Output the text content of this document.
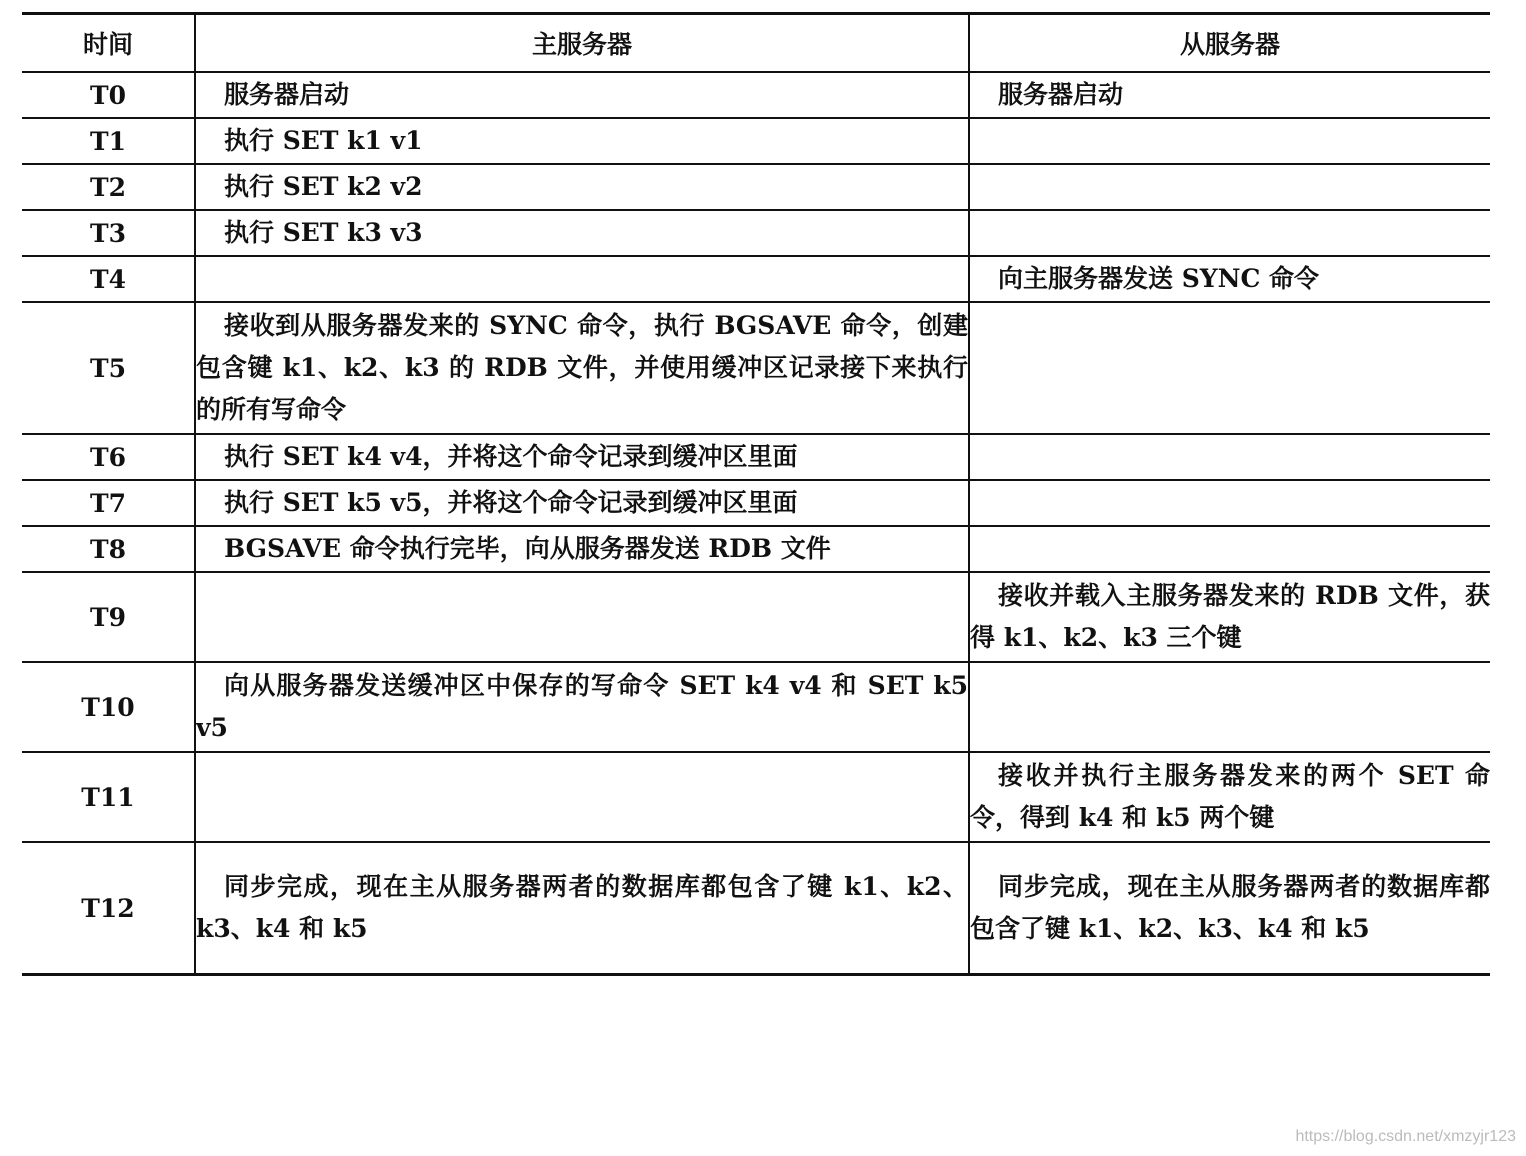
时间	主服务器	从服务器
T0	服务器启动	服务器启动

T1	执行 SET k1 v1	

T2	执行 SET k2 v2	

T3	执行 SET k3 v3	

T4		向主服务器发送 SYNC 命令

T5	接收到从服务器发来的 SYNC 命令，执行 BGSAVE 命令，创建包含键 k1、k2、k3 的 RDB 文件，并使用缓冲区记录接下来执行的所有写命令	

T6	执行 SET k4 v4，并将这个命令记录到缓冲区里面	

T7	执行 SET k5 v5，并将这个命令记录到缓冲区里面	

T8	BGSAVE 命令执行完毕，向从服务器发送 RDB 文件	

T9		接收并载入主服务器发来的 RDB 文件，获得 k1、k2、k3 三个键

T10	向从服务器发送缓冲区中保存的写命令 SET k4 v4 和 SET k5 v5	

T11		接收并执行主服务器发来的两个 SET 命令，得到 k4 和 k5 两个键

T12	同步完成，现在主从服务器两者的数据库都包含了键 k1、k2、k3、k4 和 k5	同步完成，现在主从服务器两者的数据库都包含了键 k1、k2、k3、k4 和 k5
https://blog.csdn.net/xmzyjr123
